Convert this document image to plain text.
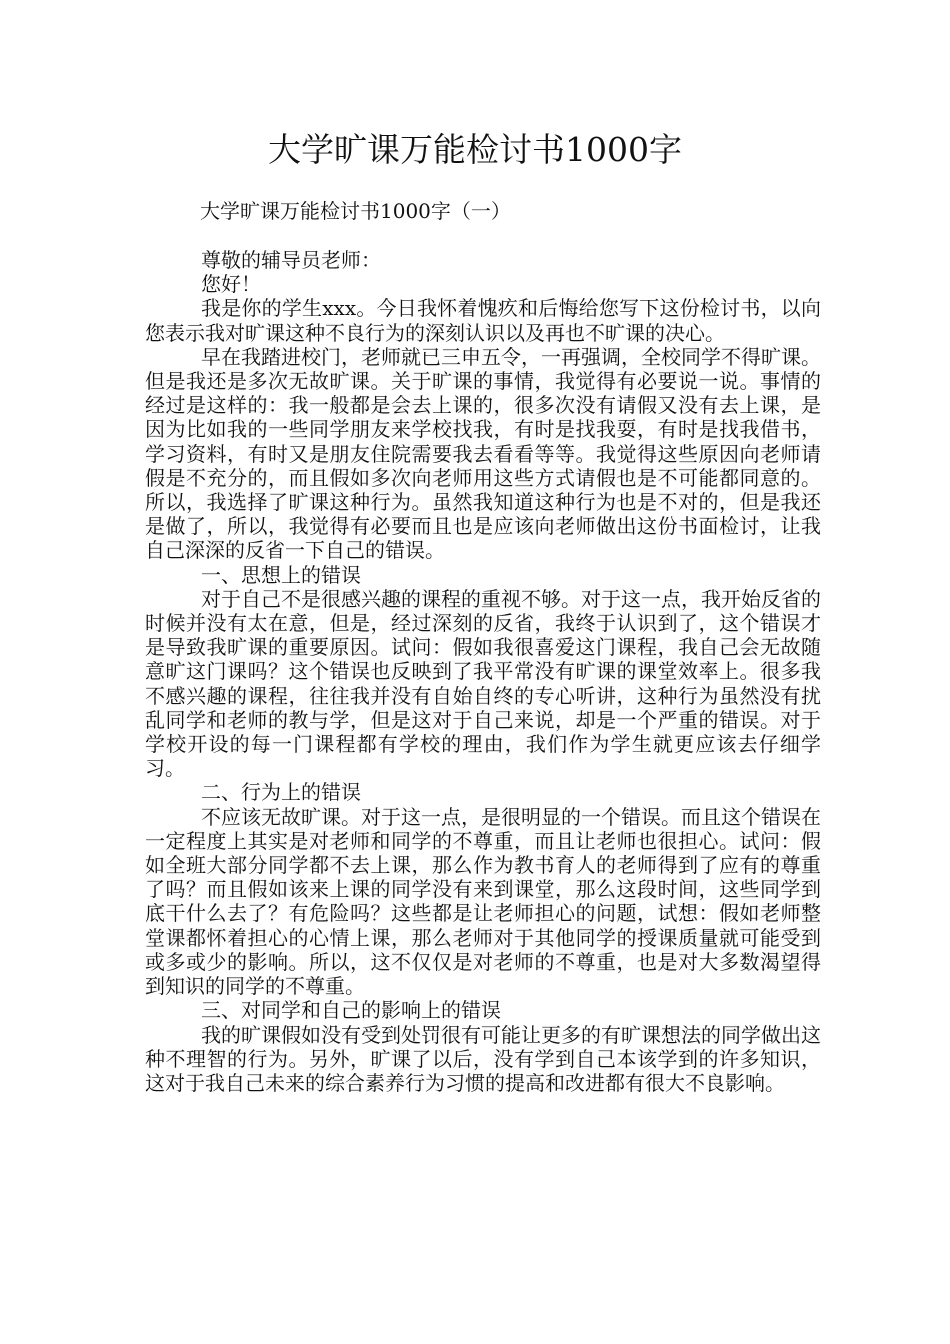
大学旷课万能检讨书1000字
大学旷课万能检讨书1000字（一）

尊敬的辅导员老师：

您好！

我是你的学生xxx。今日我怀着愧疚和后悔给您写下这份检讨书，以向您表示我对旷课这种不良行为的深刻认识以及再也不旷课的决心。

早在我踏进校门，老师就已三申五令，一再强调，全校同学不得旷课。但是我还是多次无故旷课。关于旷课的事情，我觉得有必要说一说。事情的经过是这样的：我一般都是会去上课的，很多次没有请假又没有去上课，是因为比如我的一些同学朋友来学校找我，有时是找我耍，有时是找我借书，学习资料，有时又是朋友住院需要我去看看等等。我觉得这些原因向老师请假是不充分的，而且假如多次向老师用这些方式请假也是不可能都同意的。所以，我选择了旷课这种行为。虽然我知道这种行为也是不对的，但是我还是做了，所以，我觉得有必要而且也是应该向老师做出这份书面检讨，让我自己深深的反省一下自己的错误。

一、思想上的错误

对于自己不是很感兴趣的课程的重视不够。对于这一点，我开始反省的时候并没有太在意，但是，经过深刻的反省，我终于认识到了，这个错误才是导致我旷课的重要原因。试问：假如我很喜爱这门课程，我自己会无故随意旷这门课吗？这个错误也反映到了我平常没有旷课的课堂效率上。很多我不感兴趣的课程，往往我并没有自始自终的专心听讲，这种行为虽然没有扰乱同学和老师的教与学，但是这对于自己来说，却是一个严重的错误。对于学校开设的每一门课程都有学校的理由，我们作为学生就更应该去仔细学习。

二、行为上的错误

不应该无故旷课。对于这一点，是很明显的一个错误。而且这个错误在一定程度上其实是对老师和同学的不尊重，而且让老师也很担心。试问：假如全班大部分同学都不去上课，那么作为教书育人的老师得到了应有的尊重了吗？而且假如该来上课的同学没有来到课堂，那么这段时间，这些同学到底干什么去了？有危险吗？这些都是让老师担心的问题，试想：假如老师整堂课都怀着担心的心情上课，那么老师对于其他同学的授课质量就可能受到或多或少的影响。所以，这不仅仅是对老师的不尊重，也是对大多数渴望得到知识的同学的不尊重。

三、对同学和自己的影响上的错误

我的旷课假如没有受到处罚很有可能让更多的有旷课想法的同学做出这种不理智的行为。另外，旷课了以后，没有学到自己本该学到的许多知识，这对于我自己未来的综合素养行为习惯的提高和改进都有很大不良影响。
